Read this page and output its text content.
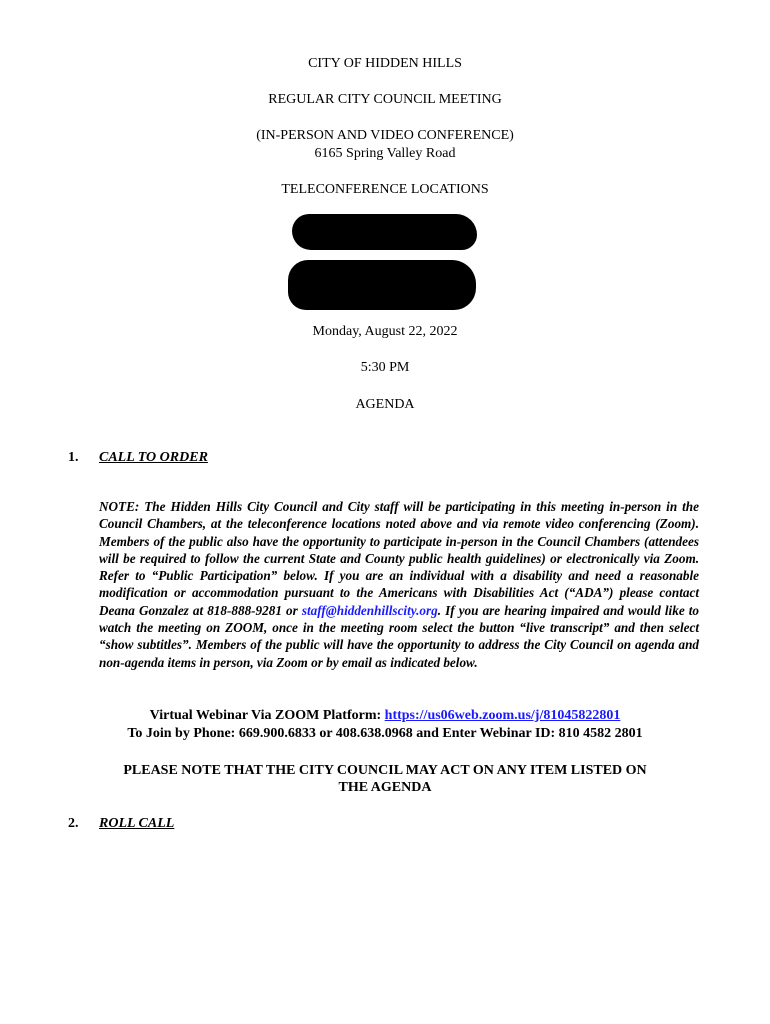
CITY OF HIDDEN HILLS
REGULAR CITY COUNCIL MEETING
(IN-PERSON AND VIDEO CONFERENCE)
6165 Spring Valley Road
TELECONFERENCE LOCATIONS
Monday, August 22, 2022
5:30 PM
AGENDA
1. CALL TO ORDER
NOTE: The Hidden Hills City Council and City staff will be participating in this meeting in-person in the Council Chambers, at the teleconference locations noted above and via remote video conferencing (Zoom). Members of the public also have the opportunity to participate in-person in the Council Chambers (attendees will be required to follow the current State and County public health guidelines) or electronically via Zoom. Refer to “Public Participation” below. If you are an individual with a disability and need a reasonable modification or accommodation pursuant to the Americans with Disabilities Act (“ADA”) please contact Deana Gonzalez at 818-888-9281 or staff@hiddenhillscity.org. If you are hearing impaired and would like to watch the meeting on ZOOM, once in the meeting room select the button “live transcript” and then select “show subtitles”. Members of the public will have the opportunity to address the City Council on agenda and non-agenda items in person, via Zoom or by email as indicated below.
Virtual Webinar Via ZOOM Platform: https://us06web.zoom.us/j/81045822801
To Join by Phone: 669.900.6833 or 408.638.0968 and Enter Webinar ID: 810 4582 2801
PLEASE NOTE THAT THE CITY COUNCIL MAY ACT ON ANY ITEM LISTED ON
THE AGENDA
2. ROLL CALL
